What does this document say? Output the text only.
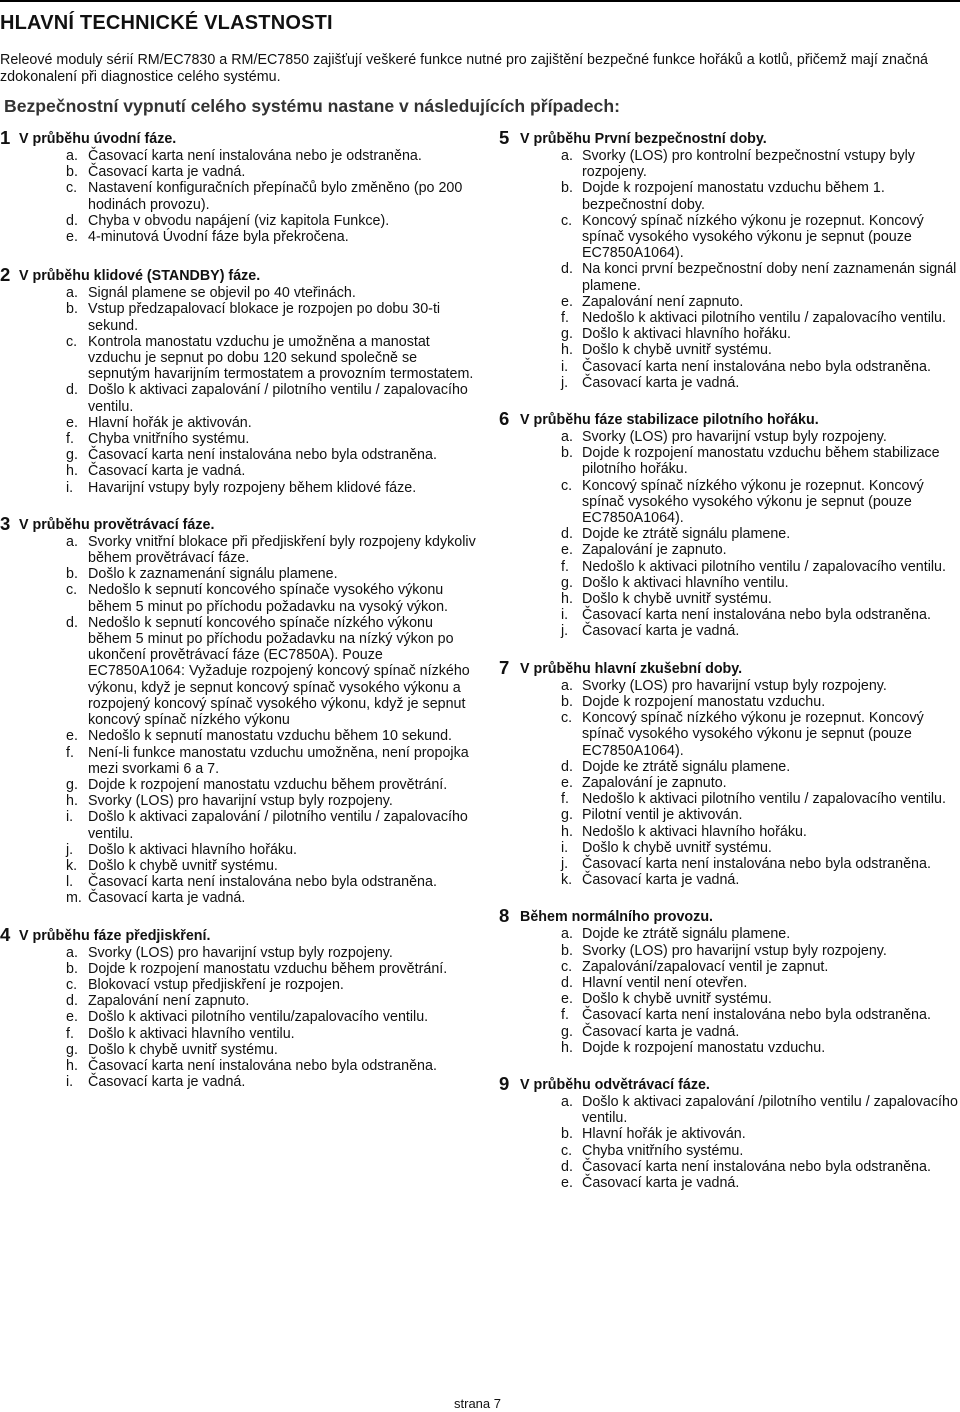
HLAVNÍ TECHNICKÉ VLASTNOSTI
Releové moduly sérií RM/EC7830 a RM/EC7850 zajišťují veškeré funkce nutné pro zajištění bezpečné funkce hořáků a kotlů, přičemž mají značná zdokonalení při diagnostice celého systému.
Bezpečnostní vypnutí celého systému nastane v následujících případech:
1 V průběhu úvodní fáze.
a. Časovací karta není instalována nebo je odstraněna.
b. Časovací karta je vadná.
c. Nastavení konfiguračních přepínačů bylo změněno (po 200 hodinách provozu).
d. Chyba v obvodu napájení (viz kapitola Funkce).
e. 4-minutová Úvodní fáze byla překročena.
2 V průběhu klidové (STANDBY) fáze.
a. Signál plamene se objevil po 40 vteřinách.
b. Vstup předzapalovací blokace je rozpojen po dobu 30-ti sekund.
c. Kontrola manostatu vzduchu je umožněna a manostat vzduchu je sepnut po dobu 120 sekund společně se sepnutým havarijním termostatem a provozním termostatem.
d. Došlo k aktivaci zapalování / pilotního ventilu / zapalovacího ventilu.
e. Hlavní hořák je aktivován.
f. Chyba vnitřního systému.
g. Časovací karta není instalována nebo byla odstraněna.
h. Časovací karta je vadná.
i. Havarijní vstupy byly rozpojeny během klidové fáze.
3 V průběhu provětrávací fáze.
a. Svorky vnitřní blokace při předjiskření byly rozpojeny kdykoliv během provětrávací fáze.
b. Došlo k zaznamenání signálu plamene.
c. Nedošlo k sepnutí koncového spínače vysokého výkonu během 5 minut po příchodu požadavku na vysoký výkon.
d. Nedošlo k sepnutí koncového spínače nízkého výkonu během 5 minut po příchodu požadavku na nízký výkon po ukončení provětrávací fáze (EC7850A). Pouze EC7850A1064: Vyžaduje rozpojený koncový spínač nízkého výkonu, když je sepnut koncový spínač vysokého výkonu a rozpojený koncový spínač vysokého výkonu, když je sepnut koncový spínač nízkého výkonu
e. Nedošlo k sepnutí manostatu vzduchu během 10 sekund.
f. Není-li funkce manostatu vzduchu umožněna, není propojka mezi svorkami 6 a 7.
g. Dojde k rozpojení manostatu vzduchu během provětrání.
h. Svorky (LOS) pro havarijní vstup byly rozpojeny.
i. Došlo k aktivaci zapalování / pilotního ventilu / zapalovacího ventilu.
j. Došlo k aktivaci hlavního hořáku.
k. Došlo k chybě uvnitř systému.
l. Časovací karta není instalována nebo byla odstraněna.
m. Časovací karta je vadná.
4 V průběhu fáze předjiskření.
a. Svorky (LOS) pro havarijní vstup byly rozpojeny.
b. Dojde k rozpojení manostatu vzduchu během provětrání.
c. Blokovací vstup předjiskření je rozpojen.
d. Zapalování není zapnuto.
e. Došlo k aktivaci pilotního ventilu/zapalovacího ventilu.
f. Došlo k aktivaci hlavního ventilu.
g. Došlo k chybě uvnitř systému.
h. Časovací karta není instalována nebo byla odstraněna.
i. Časovací karta je vadná.
5 V průběhu První bezpečnostní doby.
a. Svorky (LOS) pro kontrolní bezpečnostní vstupy byly rozpojeny.
b. Dojde k rozpojení manostatu vzduchu během 1. bezpečnostní doby.
c. Koncový spínač nízkého výkonu je rozepnut. Koncový spínač vysokého vysokého výkonu je sepnut (pouze EC7850A1064).
d. Na konci první bezpečnostní doby není zaznamenán signál plamene.
e. Zapalování není zapnuto.
f. Nedošlo k aktivaci pilotního ventilu / zapalovacího ventilu.
g. Došlo k aktivaci hlavního hořáku.
h. Došlo k chybě uvnitř systému.
i. Časovací karta není instalována nebo byla odstraněna.
j. Časovací karta je vadná.
6 V průběhu fáze stabilizace pilotního hořáku.
a. Svorky (LOS) pro havarijní vstup byly rozpojeny.
b. Dojde k rozpojení manostatu vzduchu během stabilizace pilotního hořáku.
c. Koncový spínač nízkého výkonu je rozepnut. Koncový spínač vysokého vysokého výkonu je sepnut (pouze EC7850A1064).
d. Dojde ke ztrátě signálu plamene.
e. Zapalování je zapnuto.
f. Nedošlo k aktivaci pilotního ventilu / zapalovacího ventilu.
g. Došlo k aktivaci hlavního ventilu.
h. Došlo k chybě uvnitř systému.
i. Časovací karta není instalována nebo byla odstraněna.
j. Časovací karta je vadná.
7 V průběhu hlavní zkušební doby.
a. Svorky (LOS) pro havarijní vstup byly rozpojeny.
b. Dojde k rozpojení manostatu vzduchu.
c. Koncový spínač nízkého výkonu je rozepnut. Koncový spínač vysokého vysokého výkonu je sepnut (pouze EC7850A1064).
d. Dojde ke ztrátě signálu plamene.
e. Zapalování je zapnuto.
f. Nedošlo k aktivaci pilotního ventilu / zapalovacího ventilu.
g. Pilotní ventil je aktivován.
h. Nedošlo k aktivaci hlavního hořáku.
i. Došlo k chybě uvnitř systému.
j. Časovací karta není instalována nebo byla odstraněna.
k. Časovací karta je vadná.
8 Během normálního provozu.
a. Dojde ke ztrátě signálu plamene.
b. Svorky (LOS) pro havarijní vstup byly rozpojeny.
c. Zapalování/zapalovací ventil je zapnut.
d. Hlavní ventil není otevřen.
e. Došlo k chybě uvnitř systému.
f. Časovací karta není instalována nebo byla odstraněna.
g. Časovací karta je vadná.
h. Dojde k rozpojení manostatu vzduchu.
9 V průběhu odvětrávací fáze.
a. Došlo k aktivaci zapalování /pilotního ventilu / zapalovacího ventilu.
b. Hlavní hořák je aktivován.
c. Chyba vnitřního systému.
d. Časovací karta není instalována nebo byla odstraněna.
e. Časovací karta je vadná.
strana 7
